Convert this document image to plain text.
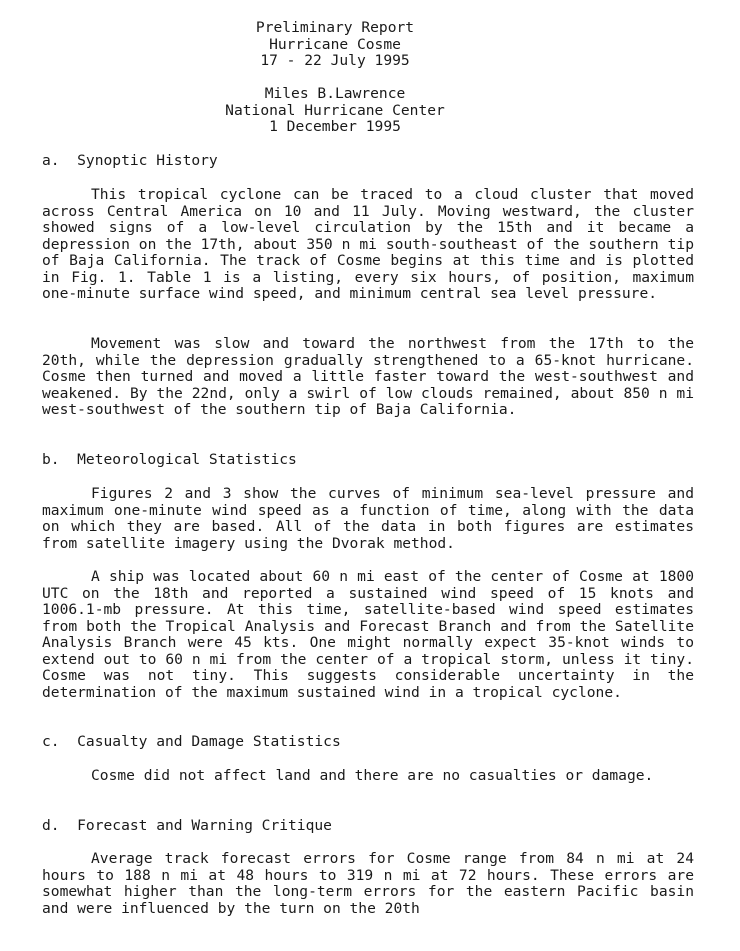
Preliminary Report
Hurricane Cosme
17 - 22 July 1995
Miles B.Lawrence
National Hurricane Center
1 December 1995
a.  Synoptic History
This tropical cyclone can be traced to a cloud cluster that moved across Central America on 10 and 11 July. Moving westward, the cluster showed signs of a low-level circulation by the 15th and it became a depression on the 17th, about 350 n mi south-southeast of the southern tip of Baja California. The track of Cosme begins at this time and is plotted in Fig. 1. Table 1 is a listing, every six hours, of position, maximum one-minute surface wind speed, and minimum central sea level pressure.
Movement was slow and toward the northwest from the 17th to the 20th, while the depression gradually strengthened to a 65-knot hurricane. Cosme then turned and moved a little faster toward the west-southwest and weakened. By the 22nd, only a swirl of low clouds remained, about 850 n mi west-southwest of the southern tip of Baja California.
b.  Meteorological Statistics
Figures 2 and 3 show the curves of minimum sea-level pressure and maximum one-minute wind speed as a function of time, along with the data on which they are based. All of the data in both figures are estimates from satellite imagery using the Dvorak method.
A ship was located about 60 n mi east of the center of Cosme at 1800 UTC on the 18th and reported a sustained wind speed of 15 knots and 1006.1-mb pressure. At this time, satellite-based wind speed estimates from both the Tropical Analysis and Forecast Branch and from the Satellite Analysis Branch were 45 kts. One might normally expect 35-knot winds to extend out to 60 n mi from the center of a tropical storm, unless it tiny. Cosme was not tiny. This suggests considerable uncertainty in the determination of the maximum sustained wind in a tropical cyclone.
c.  Casualty and Damage Statistics
Cosme did not affect land and there are no casualties or damage.
d.  Forecast and Warning Critique
Average track forecast errors for Cosme range from 84 n mi at 24 hours to 188 n mi at 48 hours to 319 n mi at 72 hours. These errors are somewhat higher than the long-term errors for the eastern Pacific basin and were influenced by the turn on the 20th
